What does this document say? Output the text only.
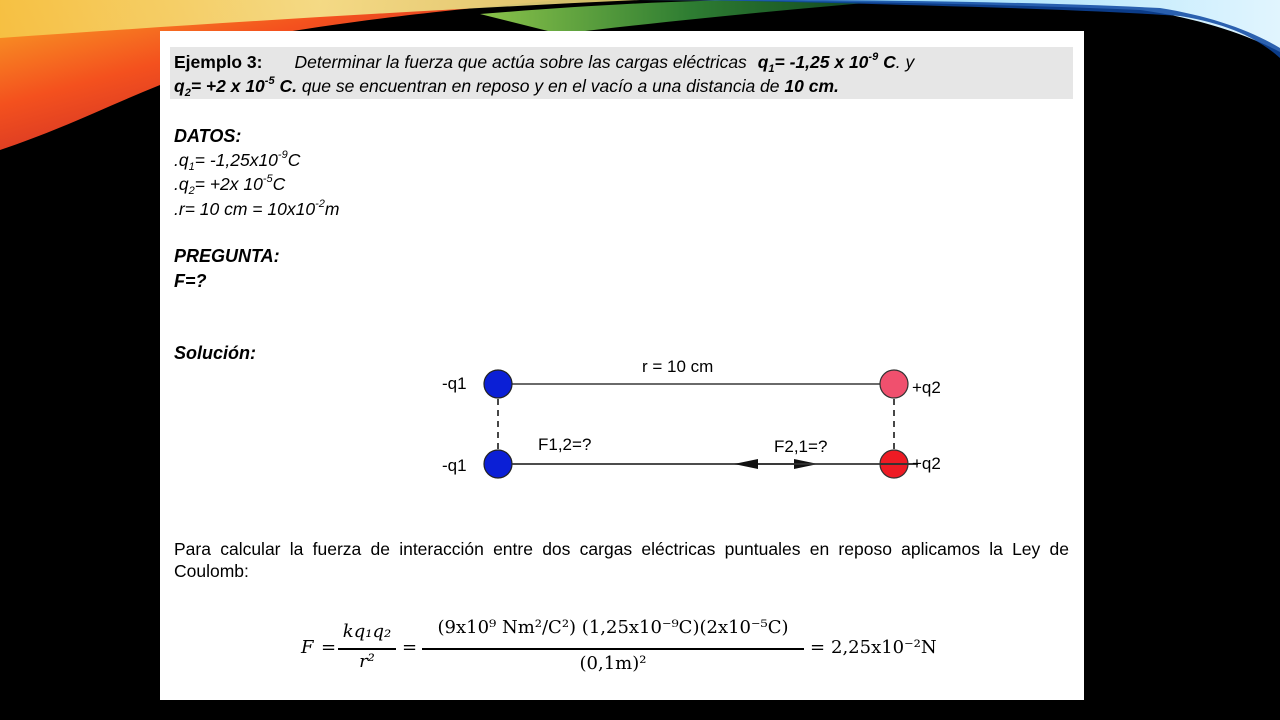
Ejemplo 3: Determinar la fuerza que actúa sobre las cargas eléctricas $q_1= -1,25$ x $10^{-9}$ C. y
$q_2= +2$ x $10^{-5}$ C. que se encuentran en reposo y en el vacío a una distancia de 10 cm.
DATOS:
$.q_1= -1,25x10^{-9}C$
$.q_2= +2x$ $10^{-5}C$
.r= 10 cm = $10x10^{-2}m$
PREGUNTA:
F=?
Solución:
Para calcular la fuerza de interacción entre dos cargas eléctricas puntuales en reposo aplicamos la Ley de Coulomb:
F =
kq₁q₂
r²
=
(9x10⁹ Nm²/C²) (1,25x10⁻⁹C)(2x10⁻⁵C)
(0,1m)²
= 2,25x10⁻²N
r = 10 cm
-q1	+q2
-q1	+q2
F1,2=?	F2,1=?
